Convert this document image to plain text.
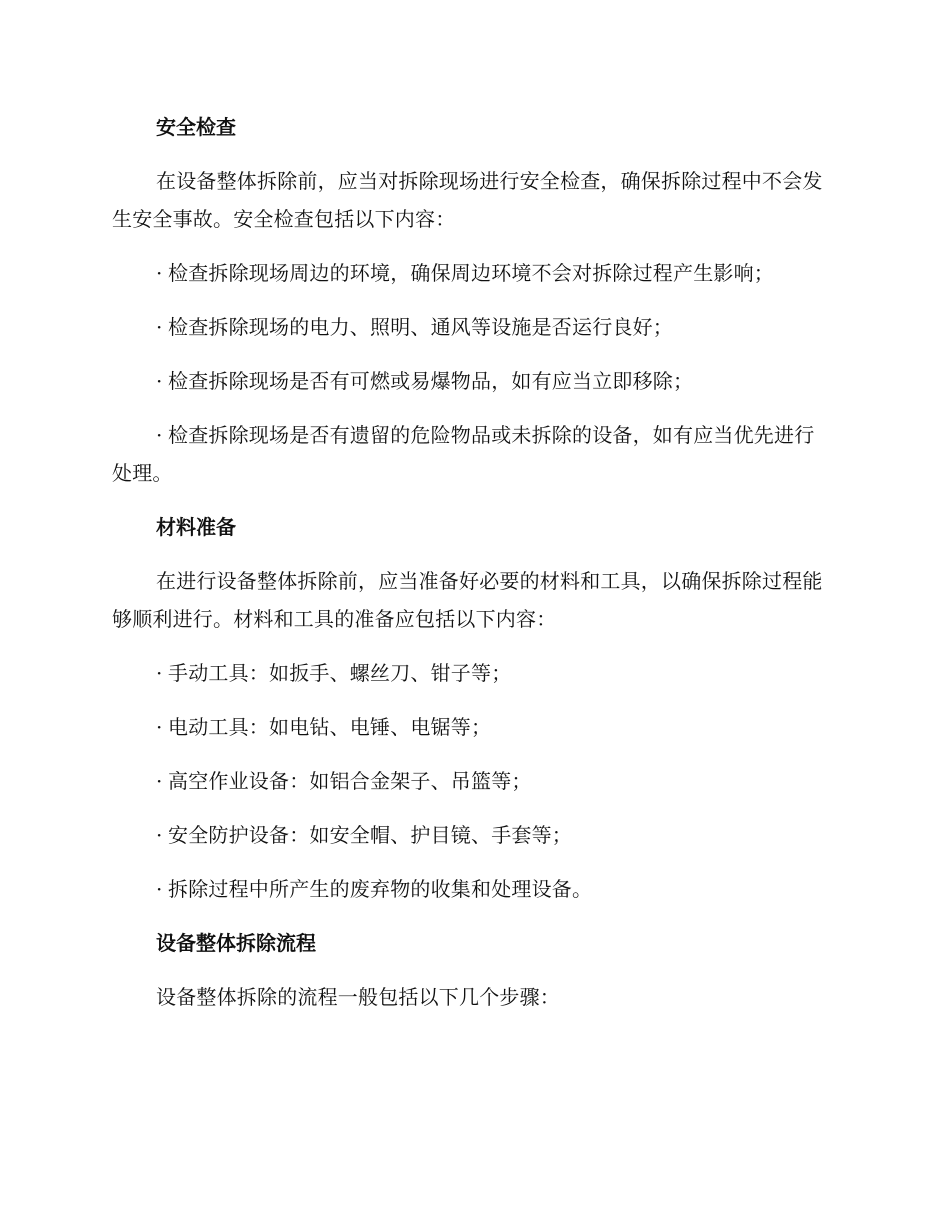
安全检查

在设备整体拆除前，应当对拆除现场进行安全检查，确保拆除过程中不会发生安全事故。安全检查包括以下内容：

· 检查拆除现场周边的环境，确保周边环境不会对拆除过程产生影响；

· 检查拆除现场的电力、照明、通风等设施是否运行良好；

· 检查拆除现场是否有可燃或易爆物品，如有应当立即移除；

· 检查拆除现场是否有遗留的危险物品或未拆除的设备，如有应当优先进行处理。

材料准备

在进行设备整体拆除前，应当准备好必要的材料和工具，以确保拆除过程能够顺利进行。材料和工具的准备应包括以下内容：

· 手动工具：如扳手、螺丝刀、钳子等；

· 电动工具：如电钻、电锤、电锯等；

· 高空作业设备：如铝合金架子、吊篮等；

· 安全防护设备：如安全帽、护目镜、手套等；

· 拆除过程中所产生的废弃物的收集和处理设备。

设备整体拆除流程

设备整体拆除的流程一般包括以下几个步骤：
